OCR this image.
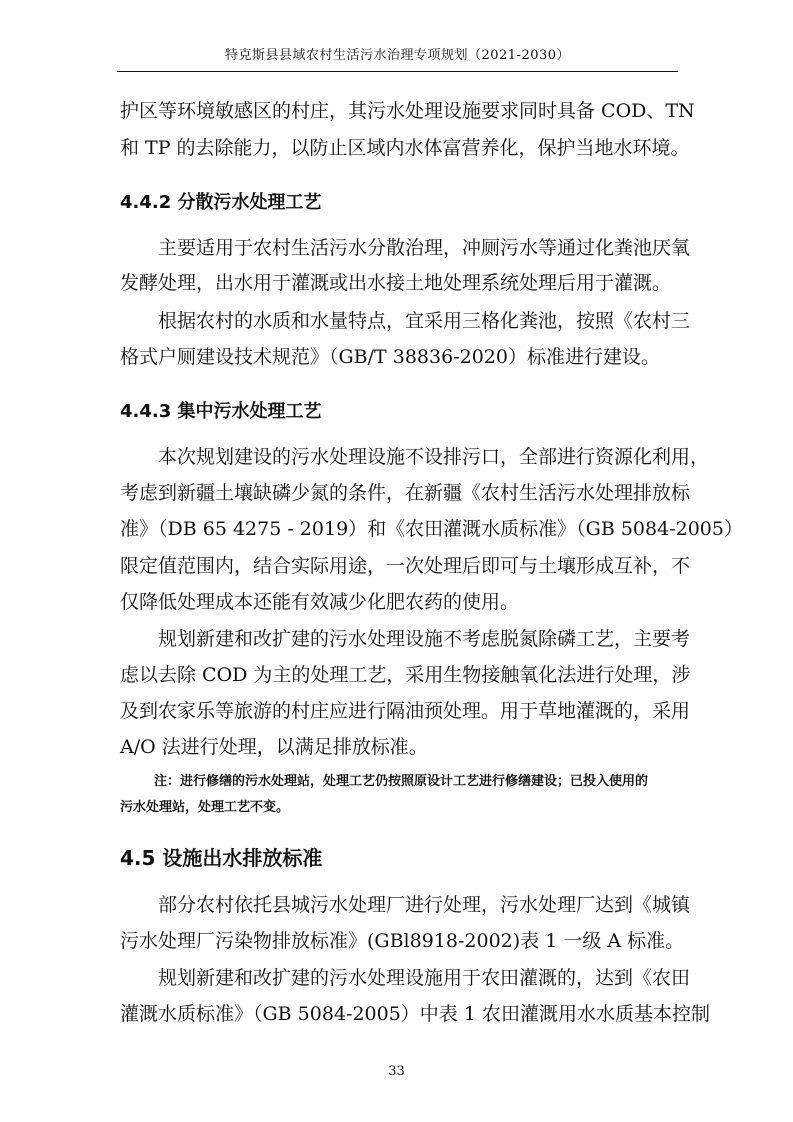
特克斯县县域农村生活污水治理专项规划（2021-2030）
护区等环境敏感区的村庄，其污水处理设施要求同时具备 COD、TN
和 TP 的去除能力，以防止区域内水体富营养化，保护当地水环境。
4.4.2 分散污水处理工艺
主要适用于农村生活污水分散治理，冲厕污水等通过化粪池厌氧
发酵处理，出水用于灌溉或出水接土地处理系统处理后用于灌溉。
根据农村的水质和水量特点，宜采用三格化粪池，按照《农村三
格式户厕建设技术规范》（GB/T 38836-2020）标准进行建设。
4.4.3 集中污水处理工艺
本次规划建设的污水处理设施不设排污口，全部进行资源化利用，
考虑到新疆土壤缺磷少氮的条件，在新疆《农村生活污水处理排放标
准》（DB 65 4275 - 2019）和《农田灌溉水质标准》（GB 5084-2005）
限定值范围内，结合实际用途，一次处理后即可与土壤形成互补，不
仅降低处理成本还能有效减少化肥农药的使用。
规划新建和改扩建的污水处理设施不考虑脱氮除磷工艺，主要考
虑以去除 COD 为主的处理工艺，采用生物接触氧化法进行处理，涉
及到农家乐等旅游的村庄应进行隔油预处理。用于草地灌溉的，采用
A/O 法进行处理，以满足排放标准。
注：进行修缮的污水处理站，处理工艺仍按照原设计工艺进行修缮建设；已投入使用的
污水处理站，处理工艺不变。
4.5 设施出水排放标准
部分农村依托县城污水处理厂进行处理，污水处理厂达到《城镇
污水处理厂污染物排放标准》(GBl8918-2002)表 1 一级 A 标准。
规划新建和改扩建的污水处理设施用于农田灌溉的，达到《农田
灌溉水质标准》（GB 5084-2005）中表 1 农田灌溉用水水质基本控制
33
